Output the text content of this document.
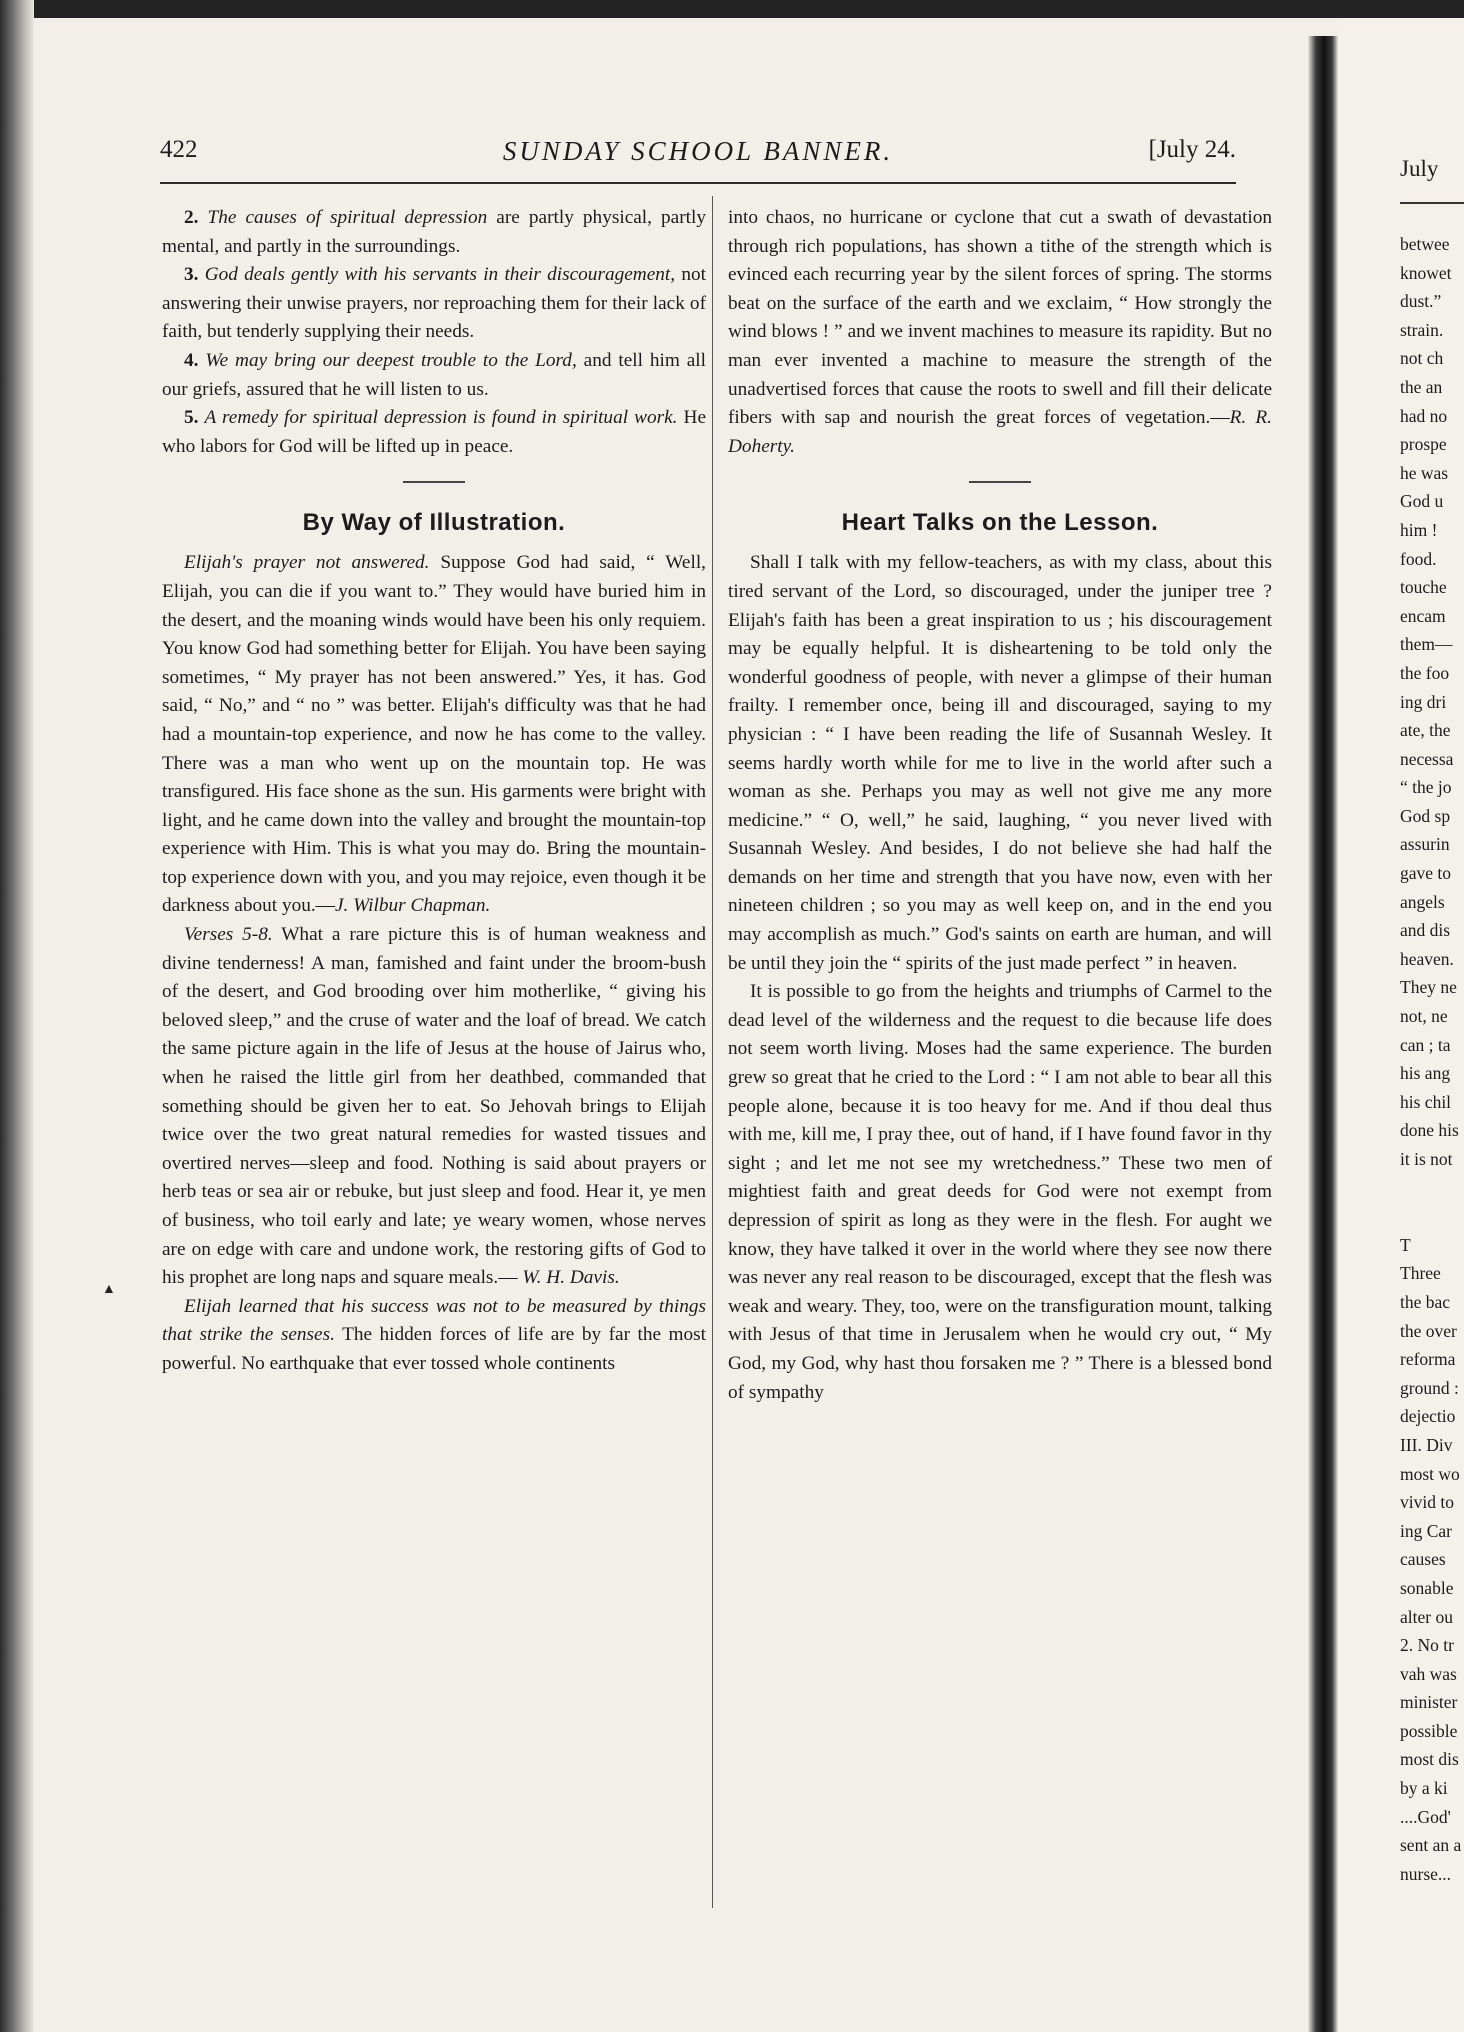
422	SUNDAY SCHOOL BANNER.	[July 24.

2. The causes of spiritual depression are partly physical, partly mental, and partly in the surroundings.

3. God deals gently with his servants in their discouragement, not answering their unwise prayers, nor reproaching them for their lack of faith, but tenderly supplying their needs.

4. We may bring our deepest trouble to the Lord, and tell him all our griefs, assured that he will listen to us.

5. A remedy for spiritual depression is found in spiritual work. He who labors for God will be lifted up in peace.

By Way of Illustration.

Elijah's prayer not answered. Suppose God had said, “ Well, Elijah, you can die if you want to.” They would have buried him in the desert, and the moaning winds would have been his only requiem. You know God had something better for Elijah. You have been saying sometimes, “ My prayer has not been answered.” Yes, it has. God said, “ No,” and “ no ” was better. Elijah's difficulty was that he had had a mountain-top experience, and now he has come to the valley. There was a man who went up on the mountain top. He was transfigured. His face shone as the sun. His garments were bright with light, and he came down into the valley and brought the mountain-top experience with Him. This is what you may do. Bring the mountain-top experience down with you, and you may rejoice, even though it be darkness about you.—J. Wilbur Chapman.

Verses 5-8. What a rare picture this is of human weakness and divine tenderness! A man, famished and faint under the broom-bush of the desert, and God brooding over him motherlike, “ giving his beloved sleep,” and the cruse of water and the loaf of bread. We catch the same picture again in the life of Jesus at the house of Jairus who, when he raised the little girl from her deathbed, commanded that something should be given her to eat. So Jehovah brings to Elijah twice over the two great natural remedies for wasted tissues and overtired nerves—sleep and food. Nothing is said about prayers or herb teas or sea air or rebuke, but just sleep and food. Hear it, ye men of business, who toil early and late; ye weary women, whose nerves are on edge with care and undone work, the restoring gifts of God to his prophet are long naps and square meals.— W. H. Davis.

Elijah learned that his success was not to be measured by things that strike the senses. The hidden forces of life are by far the most powerful. No earthquake that ever tossed whole continents

into chaos, no hurricane or cyclone that cut a swath of devastation through rich populations, has shown a tithe of the strength which is evinced each recurring year by the silent forces of spring. The storms beat on the surface of the earth and we exclaim, “ How strongly the wind blows ! ” and we invent machines to measure its rapidity. But no man ever invented a machine to measure the strength of the unadvertised forces that cause the roots to swell and fill their delicate fibers with sap and nourish the great forces of vegetation.—R. R. Doherty.

Heart Talks on the Lesson.

Shall I talk with my fellow-teachers, as with my class, about this tired servant of the Lord, so discouraged, under the juniper tree ? Elijah's faith has been a great inspiration to us ; his discouragement may be equally helpful. It is disheartening to be told only the wonderful goodness of people, with never a glimpse of their human frailty. I remember once, being ill and discouraged, saying to my physician : “ I have been reading the life of Susannah Wesley. It seems hardly worth while for me to live in the world after such a woman as she. Perhaps you may as well not give me any more medicine.” “ O, well,” he said, laughing, “ you never lived with Susannah Wesley. And besides, I do not believe she had half the demands on her time and strength that you have now, even with her nineteen children ; so you may as well keep on, and in the end you may accomplish as much.” God's saints on earth are human, and will be until they join the “ spirits of the just made perfect ” in heaven.

It is possible to go from the heights and triumphs of Carmel to the dead level of the wilderness and the request to die because life does not seem worth living. Moses had the same experience. The burden grew so great that he cried to the Lord : “ I am not able to bear all this people alone, because it is too heavy for me. And if thou deal thus with me, kill me, I pray thee, out of hand, if I have found favor in thy sight ; and let me not see my wretchedness.” These two men of mightiest faith and great deeds for God were not exempt from depression of spirit as long as they were in the flesh. For aught we know, they have talked it over in the world where they see now there was never any real reason to be discouraged, except that the flesh was weak and weary. They, too, were on the transfiguration mount, talking with Jesus of that time in Jerusalem when he would cry out, “ My God, my God, why hast thou forsaken me ? ” There is a blessed bond of sympathy

▲
July
betwee
knowet
dust.”
strain.
not ch
the an
had no
prospe
he was
God u
him !
food.
touche
encam
them—
the foo
ing dri
ate, the
necessa
“ the jo
God sp
assurin
gave to
angels
and dis
heaven.
They ne
not, ne
can ; ta
his ang
his chil
done his
it is not
T
Three
the bac
the over
reforma
ground :
dejectio
III. Div
most wo
vivid to
ing Car
causes
sonable
alter ou
2. No tr
vah was
minister
possible
most dis
by a ki
....God'
sent an a
nurse...
